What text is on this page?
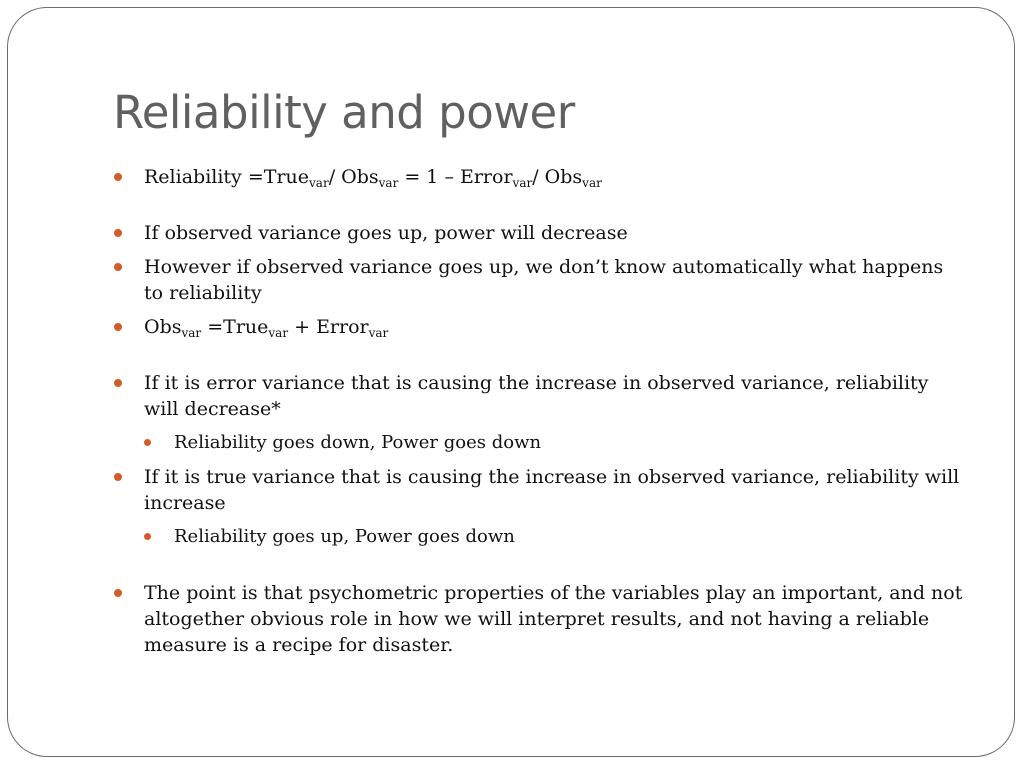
Reliability and power
Reliability =True$_{var}$/ Obs$_{var}$ = 1 – Error$_{var}$/ Obs$_{var}$
If observed variance goes up, power will decrease
However if observed variance goes up, we don’t know automatically what happens to reliability
Obs$_{var}$ =True$_{var}$ + Error$_{var}$
If it is error variance that is causing the increase in observed variance, reliability will decrease*
Reliability goes down, Power goes down
If it is true variance that is causing the increase in observed variance, reliability will increase
Reliability goes up, Power goes down
The point is that psychometric properties of the variables play an important, and not altogether obvious role in how we will interpret results, and not having a reliable measure is a recipe for disaster.
